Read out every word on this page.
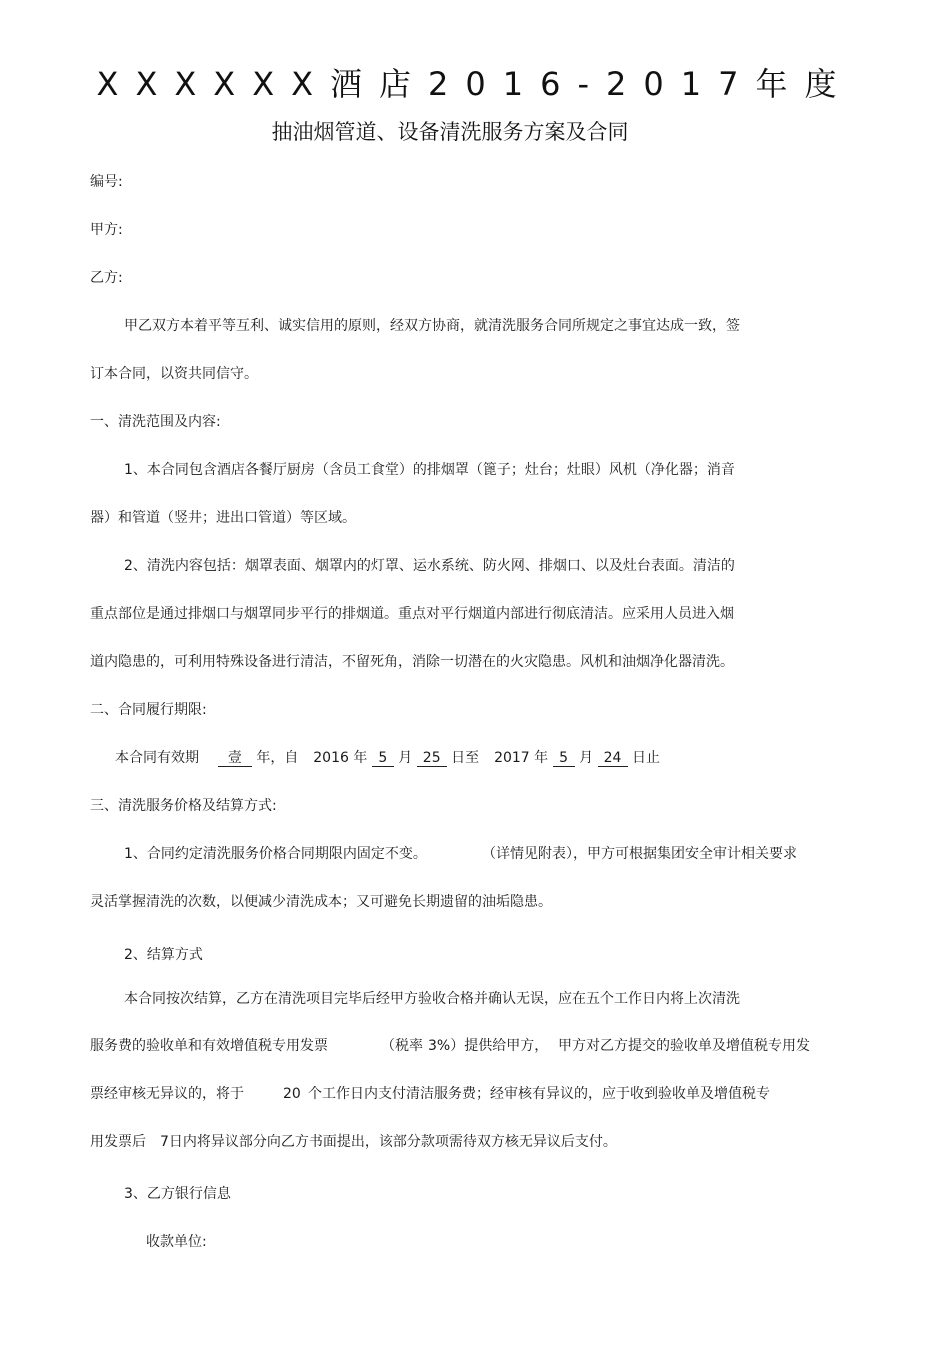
XXXXXX酒店2016-2017年度
抽油烟管道、设备清洗服务方案及合同
编号:
甲方:
乙方:
甲乙双方本着平等互利、诚实信用的原则，经双方协商，就清洗服务合同所规定之事宜达成一致，签
订本合同，以资共同信守。
一、清洗范围及内容:
1、本合同包含酒店各餐厅厨房（含员工食堂）的排烟罩（篦子；灶台；灶眼）风机（净化器；消音
器）和管道（竖井；进出口管道）等区域。
2、清洗内容包括：烟罩表面、烟罩内的灯罩、运水系统、防火网、排烟口、以及灶台表面。清洁的
重点部位是通过排烟口与烟罩同步平行的排烟道。重点对平行烟道内部进行彻底清洁。应采用人员进入烟
道内隐患的，可利用特殊设备进行清洁，不留死角，消除一切潜在的火灾隐患。风机和油烟净化器清洗。
二、合同履行期限:
本合同有效期 壹 年，自 2016 年 5 月 25 日至 2017 年 5 月 24 日止
三、清洗服务价格及结算方式:
1、合同约定清洗服务价格合同期限内固定不变。	（详情见附表），甲方可根据集团安全审计相关要求
灵活掌握清洗的次数，以便减少清洗成本；又可避免长期遗留的油垢隐患。
2、结算方式
本合同按次结算，乙方在清洗项目完毕后经甲方验收合格并确认无误，应在五个工作日内将上次清洗
服务费的验收单和有效增值税专用发票	（税率 3%）提供给甲方， 甲方对乙方提交的验收单及增值税专用发
票经审核无异议的，将于	20 个工作日内支付清洁服务费；经审核有异议的，应于收到验收单及增值税专
用发票后　7日内将异议部分向乙方书面提出，该部分款项需待双方核无异议后支付。
3、乙方银行信息
收款单位:
